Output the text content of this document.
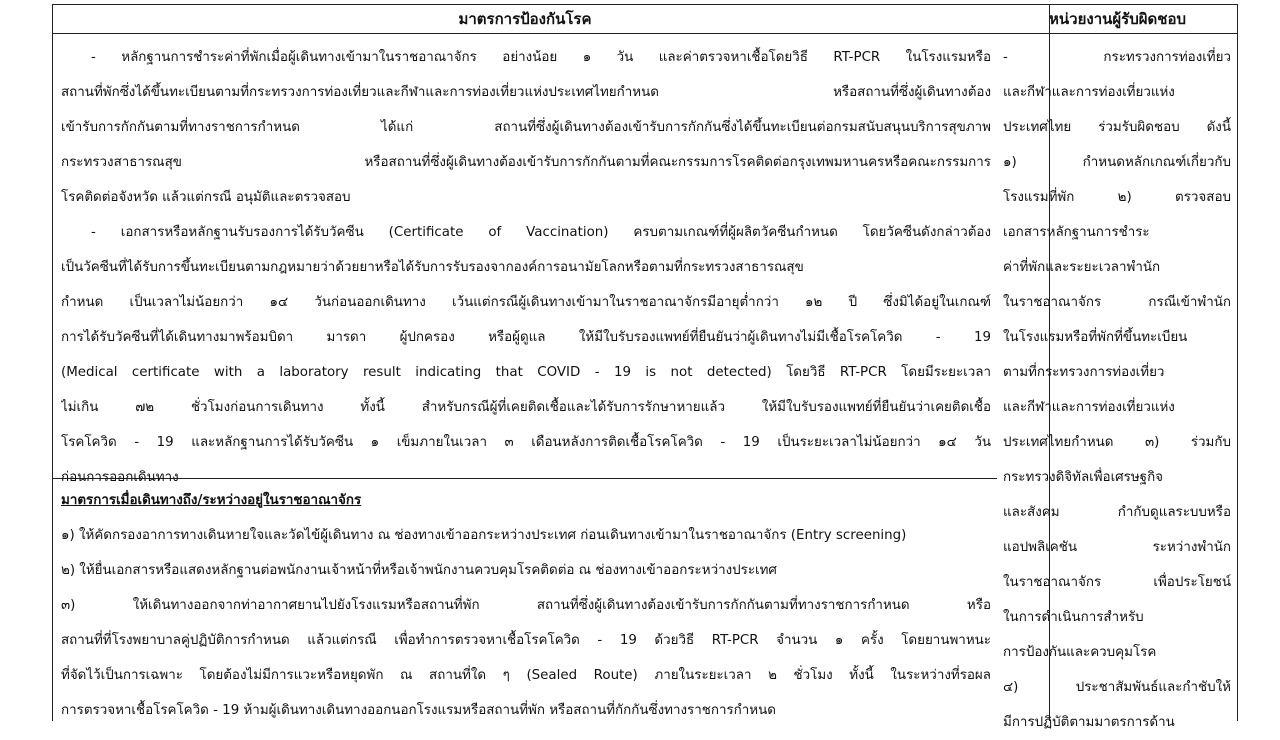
มาตรการป้องกันโรค	หน่วยงานผู้รับผิดชอบ
- หลักฐานการชำระค่าที่พักเมื่อผู้เดินทางเข้ามาในราชอาณาจักร อย่างน้อย ๑ วัน และค่าตรวจหาเชื้อโดยวิธี RT-PCR ในโรงแรมหรือ
สถานที่พักซึ่งได้ขึ้นทะเบียนตามที่กระทรวงการท่องเที่ยวและกีฬาและการท่องเที่ยวแห่งประเทศไทยกำหนด หรือสถานที่ซึ่งผู้เดินทางต้อง
เข้ารับการกักกันตามที่ทางราชการกำหนด ได้แก่ สถานที่ซึ่งผู้เดินทางต้องเข้ารับการกักกันซึ่งได้ขึ้นทะเบียนต่อกรมสนับสนุนบริการสุขภาพ
กระทรวงสาธารณสุข หรือสถานที่ซึ่งผู้เดินทางต้องเข้ารับการกักกันตามที่คณะกรรมการโรคติดต่อกรุงเทพมหานครหรือคณะกรรมการ
โรคติดต่อจังหวัด แล้วแต่กรณี อนุมัติและตรวจสอบ
- เอกสารหรือหลักฐานรับรองการได้รับวัคซีน (Certificate of Vaccination) ครบตามเกณฑ์ที่ผู้ผลิตวัคซีนกำหนด โดยวัคซีนดังกล่าวต้อง
เป็นวัคซีนที่ได้รับการขึ้นทะเบียนตามกฎหมายว่าด้วยยาหรือได้รับการรับรองจากองค์การอนามัยโลกหรือตามที่กระทรวงสาธารณสุข
กำหนด เป็นเวลาไม่น้อยกว่า ๑๔ วันก่อนออกเดินทาง เว้นแต่กรณีผู้เดินทางเข้ามาในราชอาณาจักรมีอายุต่ำกว่า ๑๒ ปี ซึ่งมิได้อยู่ในเกณฑ์
การได้รับวัคซีนที่ได้เดินทางมาพร้อมบิดา มารดา ผู้ปกครอง หรือผู้ดูแล ให้มีใบรับรองแพทย์ที่ยืนยันว่าผู้เดินทางไม่มีเชื้อโรคโควิด - 19
(Medical certificate with a laboratory result indicating that COVID - 19 is not detected) โดยวิธี RT-PCR โดยมีระยะเวลา
ไม่เกิน ๗๒ ชั่วโมงก่อนการเดินทาง ทั้งนี้ สำหรับกรณีผู้ที่เคยติดเชื้อและได้รับการรักษาหายแล้ว ให้มีใบรับรองแพทย์ที่ยืนยันว่าเคยติดเชื้อ
โรคโควิด - 19 และหลักฐานการได้รับวัคซีน ๑ เข็มภายในเวลา ๓ เดือนหลังการติดเชื้อโรคโควิด - 19 เป็นระยะเวลาไม่น้อยกว่า ๑๔ วัน
ก่อนการออกเดินทาง
มาตรการเมื่อเดินทางถึง/ระหว่างอยู่ในราชอาณาจักร
๑) ให้คัดกรองอาการทางเดินหายใจและวัดไข้ผู้เดินทาง ณ ช่องทางเข้าออกระหว่างประเทศ ก่อนเดินทางเข้ามาในราชอาณาจักร (Entry screening)
๒) ให้ยื่นเอกสารหรือแสดงหลักฐานต่อพนักงานเจ้าหน้าที่หรือเจ้าพนักงานควบคุมโรคติดต่อ ณ ช่องทางเข้าออกระหว่างประเทศ
๓) ให้เดินทางออกจากท่าอากาศยานไปยังโรงแรมหรือสถานที่พัก สถานที่ซึ่งผู้เดินทางต้องเข้ารับการกักกันตามที่ทางราชการกำหนด หรือ
สถานที่ที่โรงพยาบาลคู่ปฏิบัติการกำหนด แล้วแต่กรณี เพื่อทำการตรวจหาเชื้อโรคโควิด - 19 ด้วยวิธี RT-PCR จำนวน ๑ ครั้ง โดยยานพาหนะ
ที่จัดไว้เป็นการเฉพาะ โดยต้องไม่มีการแวะหรือหยุดพัก ณ สถานที่ใด ๆ (Sealed Route) ภายในระยะเวลา ๒ ชั่วโมง ทั้งนี้ ในระหว่างที่รอผล
การตรวจหาเชื้อโรคโควิด - 19 ห้ามผู้เดินทางเดินทางออกนอกโรงแรมหรือสถานที่พัก หรือสถานที่กักกันซึ่งทางราชการกำหนด
- กระทรวงการท่องเที่ยว
และกีฬาและการท่องเที่ยวแห่ง
ประเทศไทย ร่วมรับผิดชอบ ดังนี้
๑) กำหนดหลักเกณฑ์เกี่ยวกับ
โรงแรมที่พัก ๒) ตรวจสอบ
เอกสารหลักฐานการชำระ
ค่าที่พักและระยะเวลาพำนัก
ในราชอาณาจักร กรณีเข้าพำนัก
ในโรงแรมหรือที่พักที่ขึ้นทะเบียน
ตามที่กระทรวงการท่องเที่ยว
และกีฬาและการท่องเที่ยวแห่ง
ประเทศไทยกำหนด ๓) ร่วมกับ
กระทรวงดิจิทัลเพื่อเศรษฐกิจ
และสังคม กำกับดูแลระบบหรือ
แอปพลิเคชัน ระหว่างพำนัก
ในราชอาณาจักร เพื่อประโยชน์
ในการดำเนินการสำหรับ
การป้องกันและควบคุมโรค
๔) ประชาสัมพันธ์และกำชับให้
มีการปฏิบัติตามมาตรการด้าน
